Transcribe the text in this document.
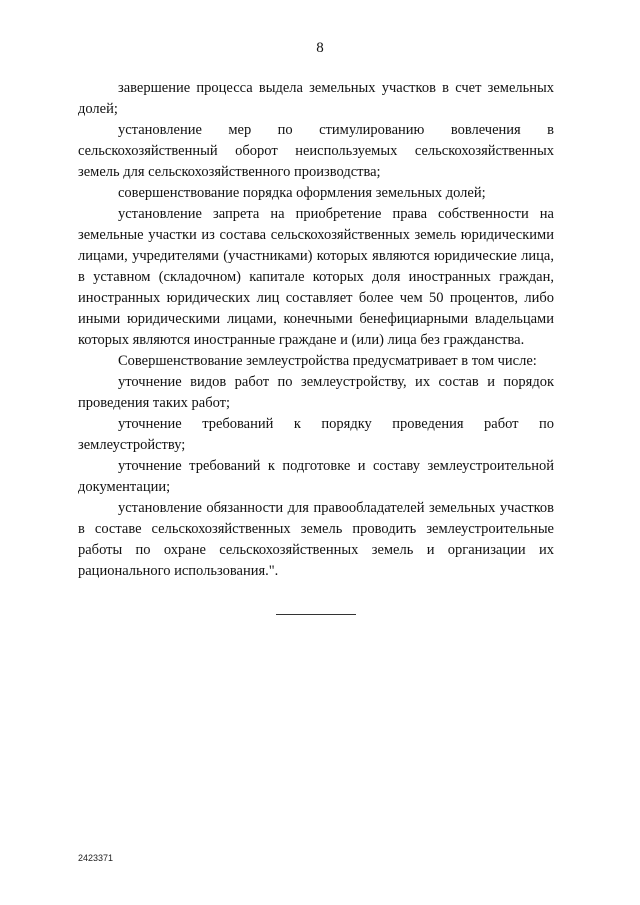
8

завершение процесса выдела земельных участков в счет земельных долей;

установление мер по стимулированию вовлечения в сельскохозяйственный оборот неиспользуемых сельскохозяйственных земель для сельскохозяйственного производства;

совершенствование порядка оформления земельных долей;

установление запрета на приобретение права собственности на земельные участки из состава сельскохозяйственных земель юридическими лицами, учредителями (участниками) которых являются юридические лица, в уставном (складочном) капитале которых доля иностранных граждан, иностранных юридических лиц составляет более чем 50 процентов, либо иными юридическими лицами, конечными бенефициарными владельцами которых являются иностранные граждане и (или) лица без гражданства.

Совершенствование землеустройства предусматривает в том числе:

уточнение видов работ по землеустройству, их состав и порядок проведения таких работ;

уточнение требований к порядку проведения работ по землеустройству;

уточнение требований к подготовке и составу землеустроительной документации;

установление обязанности для правообладателей земельных участков в составе сельскохозяйственных земель проводить землеустроительные работы по охране сельскохозяйственных земель и организации их рационального использования.".

2423371
